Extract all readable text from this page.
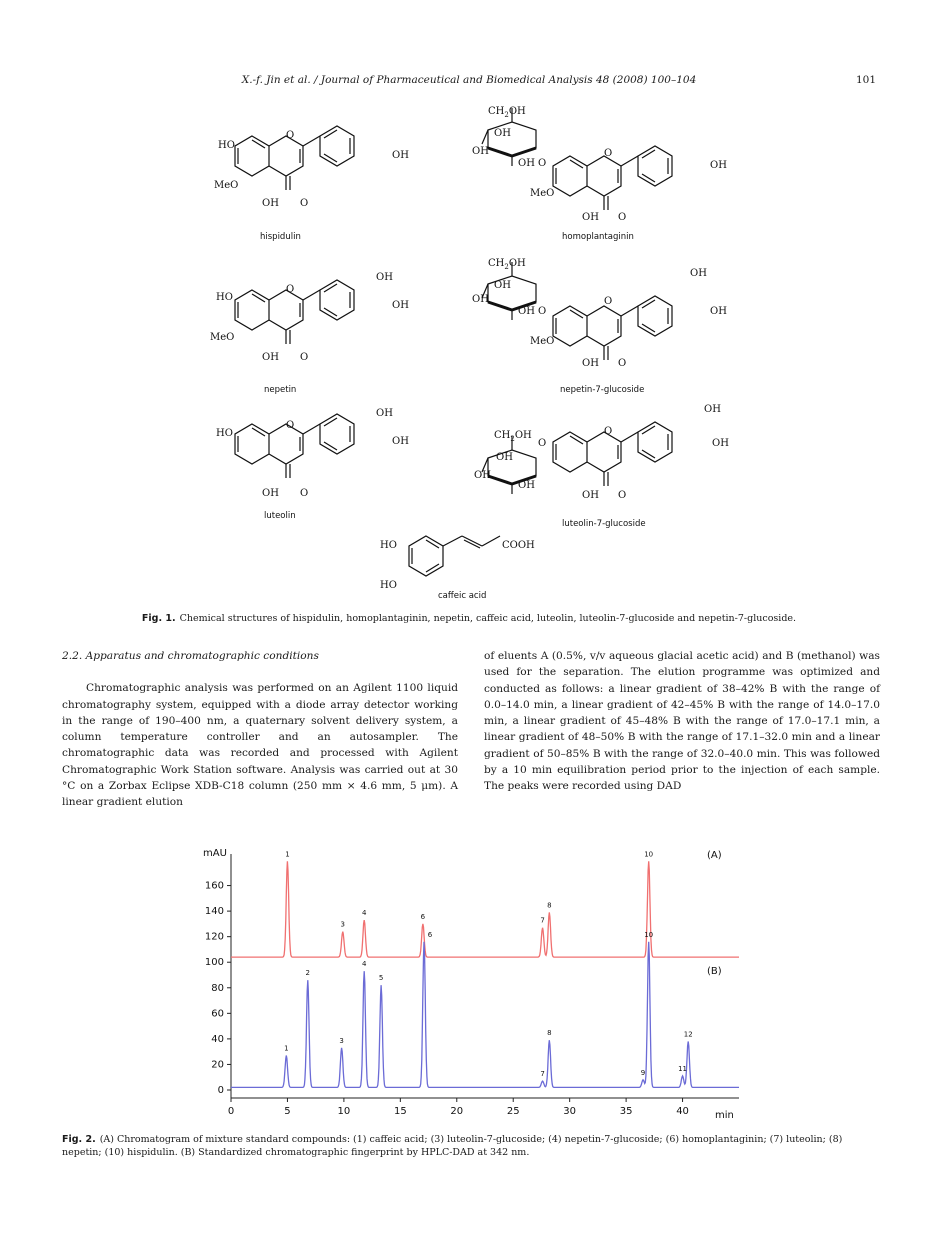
X.-f. Jin et al. / Journal of Pharmaceutical and Biomedical Analysis 48 (2008) 100–104	101
HO
MeO
OH O
O
OH
hispidulin
$CH_2OH$
OH
OH
OH O
MeO
OH O
O
OH
homoplantaginin
HO
MeO
OH O
O
OH
OH
nepetin
$CH_2OH$
OH
OH
OH O
MeO
OH O
O
OH
OH
nepetin-7-glucoside
HO
OH O
O
OH
OH
luteolin
$CH_2OH$
OH
OH
OH
O
OH O
O
OH
OH
luteolin-7-glucoside
HO
HO
COOH
caffeic acid
Fig. 1. Chemical structures of hispidulin, homoplantaginin, nepetin, caffeic acid, luteolin, luteolin-7-glucoside and nepetin-7-glucoside.

2.2. Apparatus and chromatographic conditions

Chromatographic analysis was performed on an Agilent 1100 liquid chromatography system, equipped with a diode array detector working in the range of 190–400 nm, a quaternary solvent delivery system, a column temperature controller and an autosampler. The chromatographic data was recorded and processed with Agilent Chromatographic Work Station software. Analysis was carried out at 30 °C on a Zorbax Eclipse XDB-C18 column (250 mm × 4.6 mm, 5 μm). A linear gradient elution

of eluents A (0.5%, v/v aqueous glacial acetic acid) and B (methanol) was used for the separation. The elution programme was optimized and conducted as follows: a linear gradient of 38–42% B with the range of 0.0–14.0 min, a linear gradient of 42–45% B with the range of 14.0–17.0 min, a linear gradient of 45–48% B with the range of 17.0–17.1 min, a linear gradient of 48–50% B with the range of 17.1–32.0 min and a linear gradient of 50–85% B with the range of 32.0–40.0 min. This was followed by a 10 min equilibration period prior to the injection of each sample. The peaks were recorded using DAD

mAU
min
(A)
(B)
0
20
40
60
80
100
120
140
160
0	5	10	15	20	25	30	35	40
1
3
4	6	7
8
10
1
2
3
4
5
6
7
8
9
10
11
12
Fig. 2. (A) Chromatogram of mixture standard compounds: (1) caffeic acid; (3) luteolin-7-glucoside; (4) nepetin-7-glucoside; (6) homoplantaginin; (7) luteolin; (8) nepetin; (10) hispidulin. (B) Standardized chromatographic fingerprint by HPLC-DAD at 342 nm.
